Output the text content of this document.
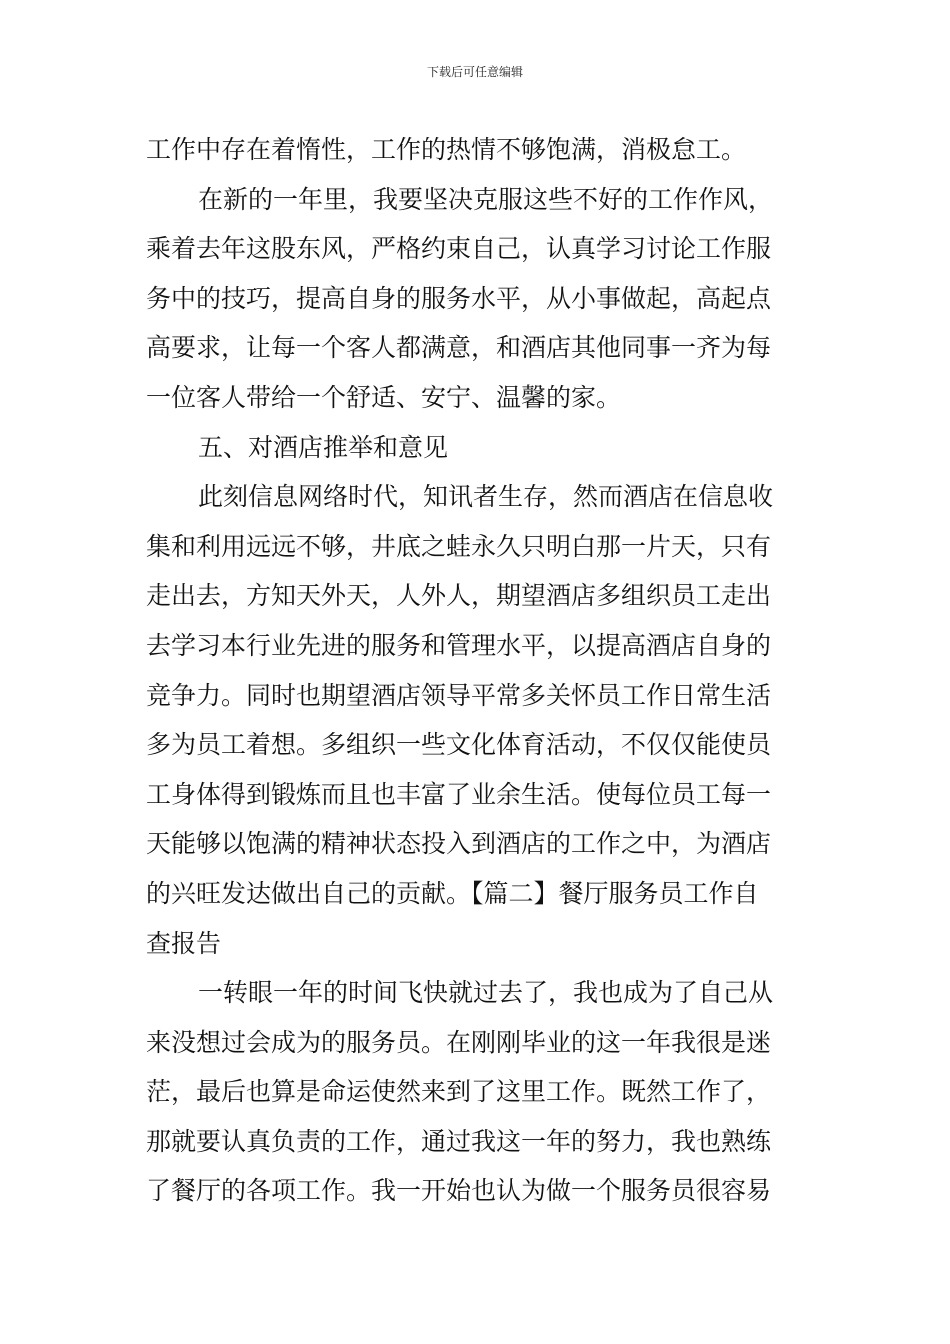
下载后可任意编辑
工作中存在着惰性，工作的热情不够饱满，消极怠工。
在新的一年里，我要坚决克服这些不好的工作作风，
乘着去年这股东风，严格约束自己，认真学习讨论工作服
务中的技巧，提高自身的服务水平，从小事做起，高起点
高要求，让每一个客人都满意，和酒店其他同事一齐为每
一位客人带给一个舒适、安宁、温馨的家。
五、对酒店推举和意见
此刻信息网络时代，知讯者生存，然而酒店在信息收
集和利用远远不够，井底之蛙永久只明白那一片天，只有
走出去，方知天外天，人外人，期望酒店多组织员工走出
去学习本行业先进的服务和管理水平，以提高酒店自身的
竞争力。同时也期望酒店领导平常多关怀员工作日常生活
多为员工着想。多组织一些文化体育活动，不仅仅能使员
工身体得到锻炼而且也丰富了业余生活。使每位员工每一
天能够以饱满的精神状态投入到酒店的工作之中，为酒店
的兴旺发达做出自己的贡献。【篇二】餐厅服务员工作自
查报告
一转眼一年的时间飞快就过去了，我也成为了自己从
来没想过会成为的服务员。在刚刚毕业的这一年我很是迷
茫，最后也算是命运使然来到了这里工作。既然工作了，
那就要认真负责的工作，通过我这一年的努力，我也熟练
了餐厅的各项工作。我一开始也认为做一个服务员很容易
